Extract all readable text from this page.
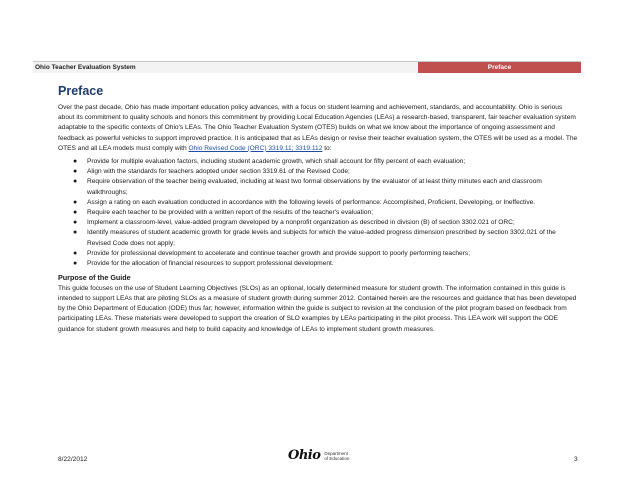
Ohio Teacher Evaluation System	Preface
Preface

Over the past decade, Ohio has made important education policy advances, with a focus on student learning and achievement, standards, and accountability. Ohio is serious about its commitment to quality schools and honors this commitment by providing Local Education Agencies (LEAs) a research-based, transparent, fair teacher evaluation system adaptable to the specific contexts of Ohio's LEAs. The Ohio Teacher Evaluation System (OTES) builds on what we know about the importance of ongoing assessment and feedback as powerful vehicles to support improved practice. It is anticipated that as LEAs design or revise their teacher evaluation system, the OTES will be used as a model. The OTES and all LEA models must comply with Ohio Revised Code (ORC) 3319.11; 3319.112 to:

● Provide for multiple evaluation factors, including student academic growth, which shall account for fifty percent of each evaluation;
● Align with the standards for teachers adopted under section 3319.61 of the Revised Code;
● Require observation of the teacher being evaluated, including at least two formal observations by the evaluator of at least thirty minutes each and classroom walkthroughs;
● Assign a rating on each evaluation conducted in accordance with the following levels of performance: Accomplished, Proficient, Developing, or Ineffective.
● Require each teacher to be provided with a written report of the results of the teacher's evaluation;
● Implement a classroom-level, value-added program developed by a nonprofit organization as described in division (B) of section 3302.021 of ORC;
● Identify measures of student academic growth for grade levels and subjects for which the value-added progress dimension prescribed by section 3302.021 of the Revised Code does not apply;
● Provide for professional development to accelerate and continue teacher growth and provide support to poorly performing teachers;
● Provide for the allocation of financial resources to support professional development.
Purpose of the Guide

This guide focuses on the use of Student Learning Objectives (SLOs) as an optional, locally determined measure for student growth. The information contained in this guide is intended to support LEAs that are piloting SLOs as a measure of student growth during summer 2012. Contained herein are the resources and guidance that has been developed by the Ohio Department of Education (ODE) thus far; however, information within the guide is subject to revision at the conclusion of the pilot program based on feedback from participating LEAs. These materials were developed to support the creation of SLO examples by LEAs participating in the pilot process. This LEA work will support the ODE guidance for student growth measures and help to build capacity and knowledge of LEAs to implement student growth measures.

8/22/2012	Ohio Department
of Education	3
